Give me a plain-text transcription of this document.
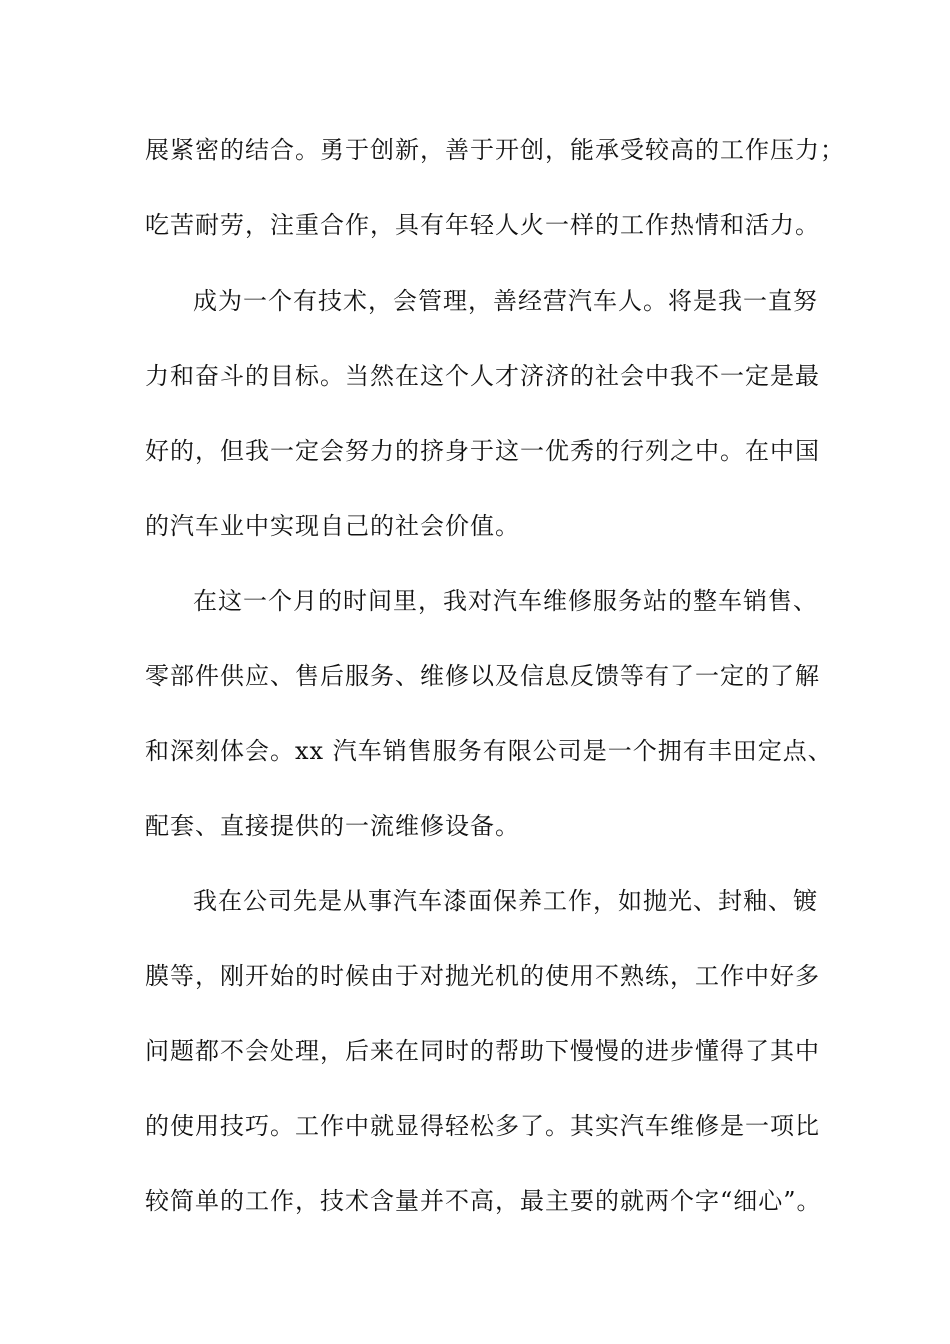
展紧密的结合。勇于创新，善于开创，能承受较高的工作压力；
吃苦耐劳，注重合作，具有年轻人火一样的工作热情和活力。
成为一个有技术，会管理，善经营汽车人。将是我一直努
力和奋斗的目标。当然在这个人才济济的社会中我不一定是最
好的，但我一定会努力的挤身于这一优秀的行列之中。在中国
的汽车业中实现自己的社会价值。
在这一个月的时间里，我对汽车维修服务站的整车销售、
零部件供应、售后服务、维修以及信息反馈等有了一定的了解
和深刻体会。xx 汽车销售服务有限公司是一个拥有丰田定点、
配套、直接提供的一流维修设备。
我在公司先是从事汽车漆面保养工作，如抛光、封釉、镀
膜等，刚开始的时候由于对抛光机的使用不熟练，工作中好多
问题都不会处理，后来在同时的帮助下慢慢的进步懂得了其中
的使用技巧。工作中就显得轻松多了。其实汽车维修是一项比
较简单的工作，技术含量并不高，最主要的就两个字“细心”。
